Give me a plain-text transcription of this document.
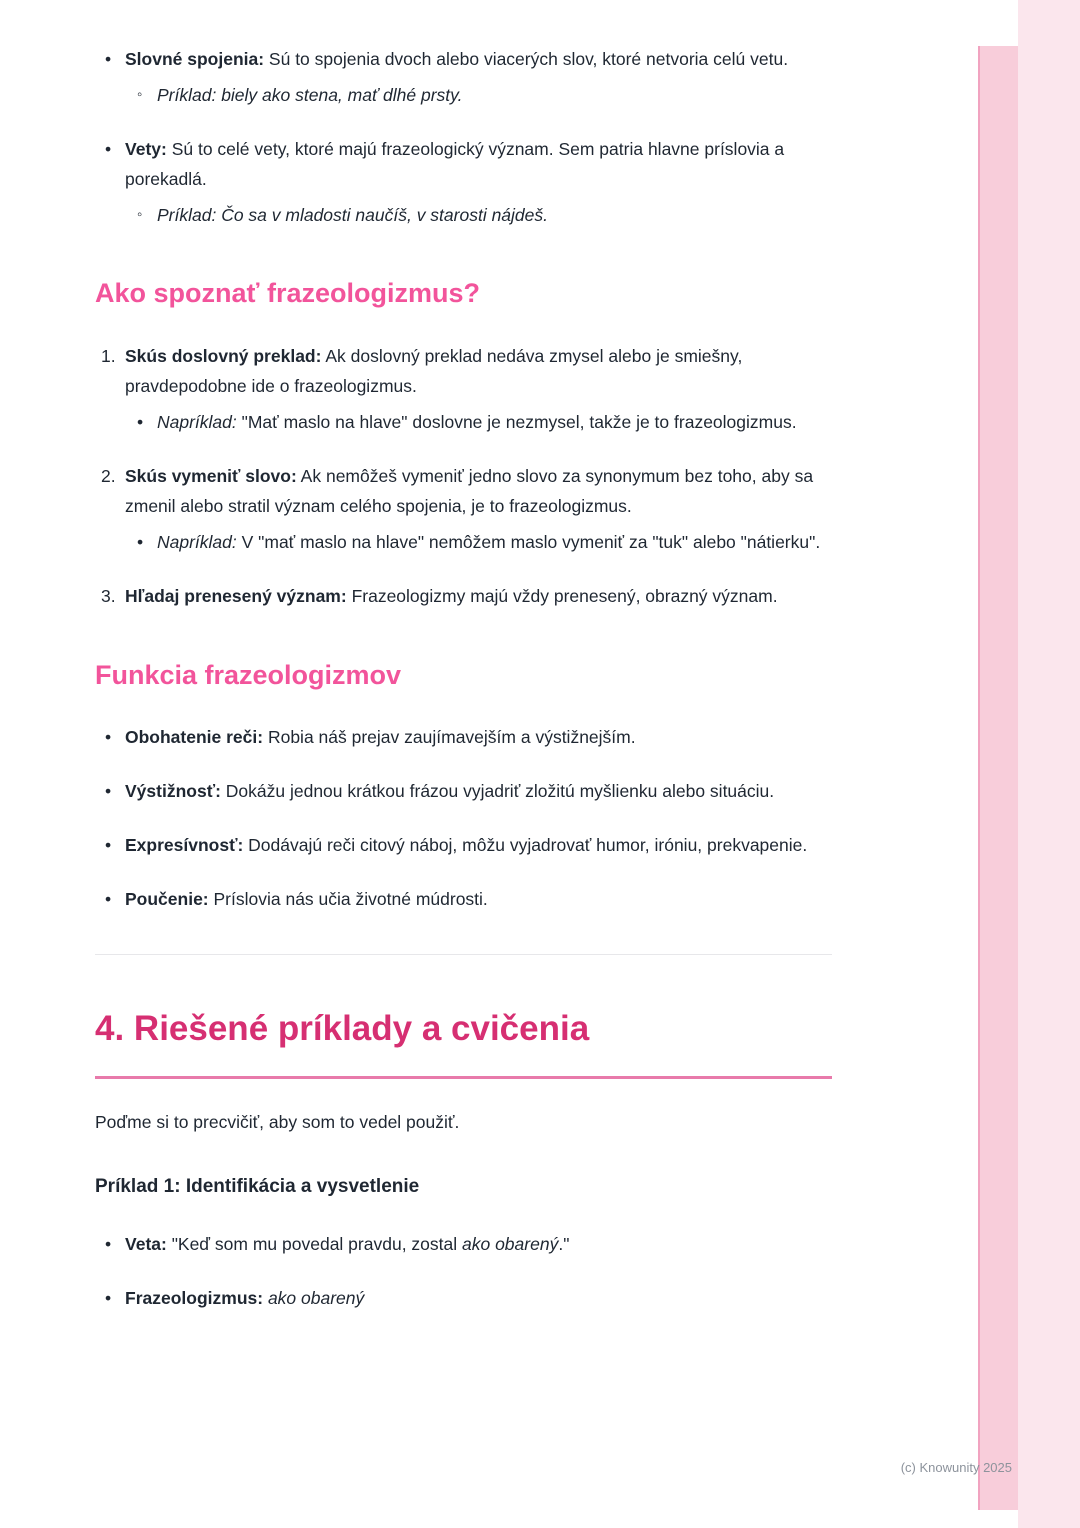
• Slovné spojenia: Sú to spojenia dvoch alebo viacerých slov, ktoré netvoria celú vetu.
◦ Príklad: biely ako stena, mať dlhé prsty.
• Vety: Sú to celé vety, ktoré majú frazeologický význam. Sem patria hlavne príslovia a porekadlá.
◦ Príklad: Čo sa v mladosti naučíš, v starosti nájdeš.
Ako spoznať frazeologizmus?
1. Skús doslovný preklad: Ak doslovný preklad nedáva zmysel alebo je smiešny, pravdepodobne ide o frazeologizmus.
• Napríklad: "Mať maslo na hlave" doslovne je nezmysel, takže je to frazeologizmus.
2. Skús vymeniť slovo: Ak nemôžeš vymeniť jedno slovo za synonymum bez toho, aby sa zmenil alebo stratil význam celého spojenia, je to frazeologizmus.
• Napríklad: V "mať maslo na hlave" nemôžem maslo vymeniť za "tuk" alebo "nátierku".
3. Hľadaj prenesený význam: Frazeologizmy majú vždy prenesený, obrazný význam.
Funkcia frazeologizmov
• Obohatenie reči: Robia náš prejav zaujímavejším a výstižnejším.
• Výstižnosť: Dokážu jednou krátkou frázou vyjadriť zložitú myšlienku alebo situáciu.
• Expresívnosť: Dodávajú reči citový náboj, môžu vyjadrovať humor, iróniu, prekvapenie.
• Poučenie: Príslovia nás učia životné múdrosti.
4. Riešené príklady a cvičenia

Poďme si to precvičiť, aby som to vedel použiť.

Príklad 1: Identifikácia a vysvetlenie
• Veta: "Keď som mu povedal pravdu, zostal ako obarený."
• Frazeologizmus: ako obarený
(c) Knowunity 2025
